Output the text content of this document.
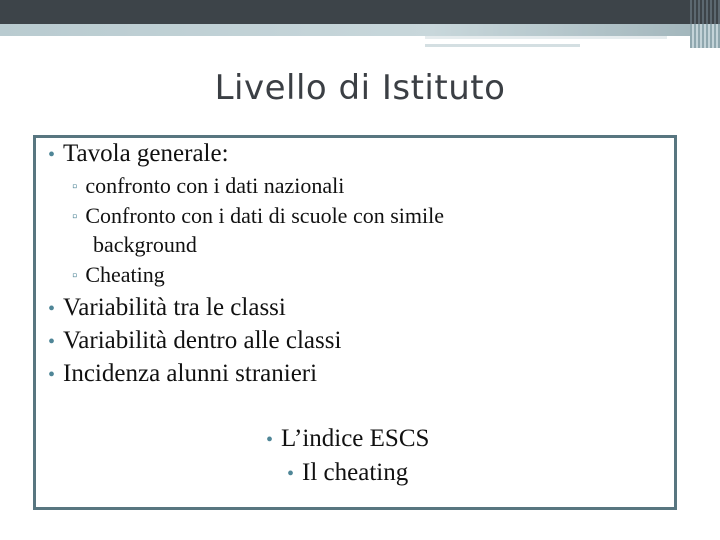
Livello di Istituto
• Tavola generale:
▫ confronto con i dati nazionali
▫ Confronto con i dati di scuole con simile
background
▫ Cheating
• Variabilità tra le classi
• Variabilità dentro alle classi
• Incidenza alunni stranieri
• L’indice ESCS
• Il cheating
